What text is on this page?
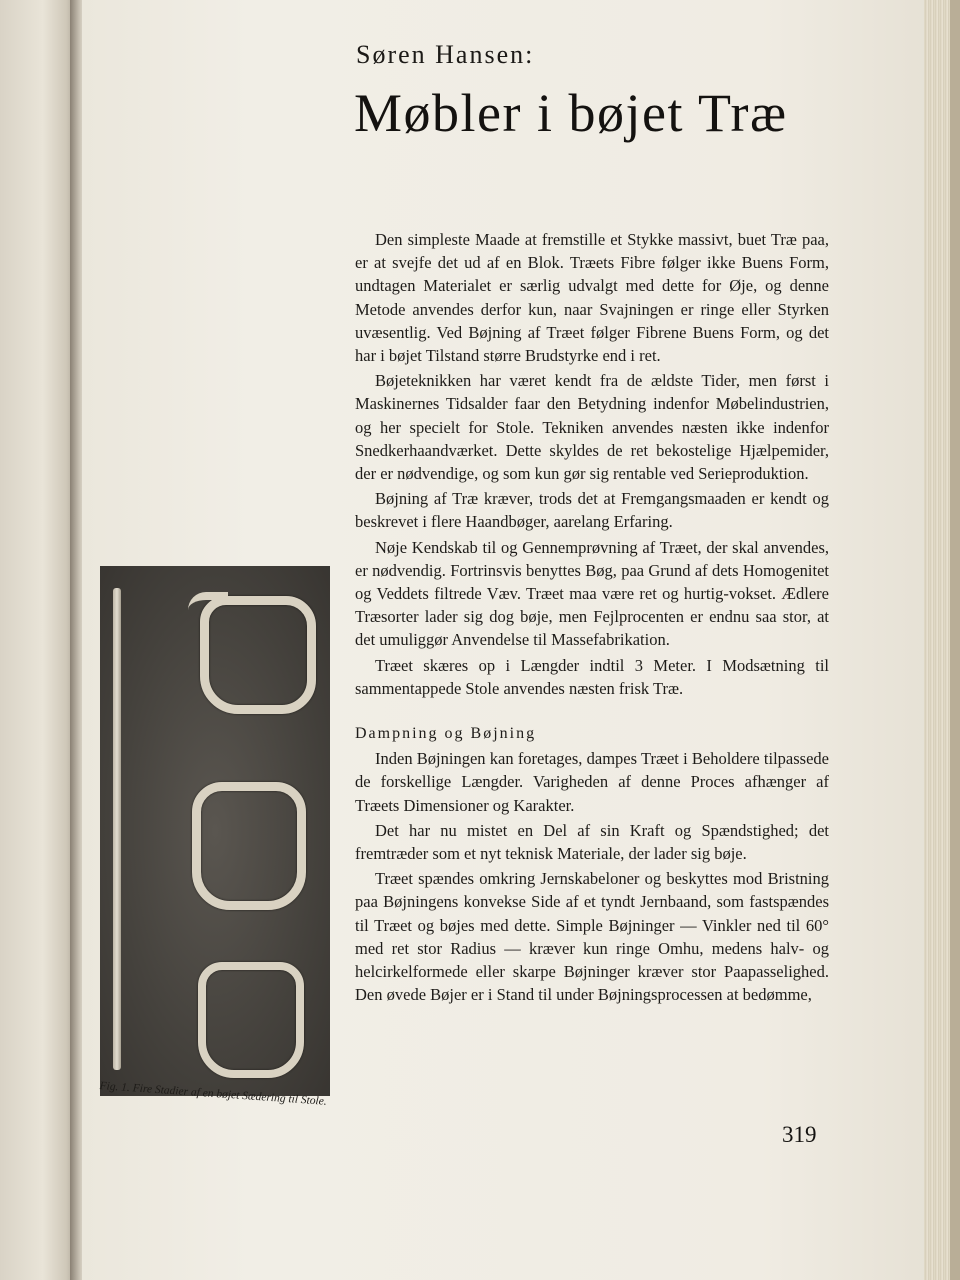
Søren Hansen:
Møbler i bøjet Træ

Den simpleste Maade at fremstille et Stykke massivt, buet Træ paa, er at svejfe det ud af en Blok. Træets Fibre følger ikke Buens Form, undtagen Materialet er særlig udvalgt med dette for Øje, og denne Metode anvendes derfor kun, naar Svajningen er ringe eller Styrken uvæsentlig. Ved Bøjning af Træet følger Fibrene Buens Form, og det har i bøjet Tilstand større Brudstyrke end i ret.

Bøjeteknikken har været kendt fra de ældste Tider, men først i Maskinernes Tidsalder faar den Betydning indenfor Møbelindustrien, og her specielt for Stole. Tekniken anvendes næsten ikke indenfor Snedkerhaandværket. Dette skyldes de ret bekostelige Hjælpemider, der er nødvendige, og som kun gør sig rentable ved Serieproduktion.

Bøjning af Træ kræver, trods det at Fremgangsmaaden er kendt og beskrevet i flere Haandbøger, aarelang Erfaring.

Nøje Kendskab til og Gennemprøvning af Træet, der skal anvendes, er nødvendig. Fortrinsvis benyttes Bøg, paa Grund af dets Homogenitet og Veddets filtrede Væv. Træet maa være ret og hurtig-vokset. Ædlere Træsorter lader sig dog bøje, men Fejlprocenten er endnu saa stor, at det umuliggør Anvendelse til Massefabrikation.

Træet skæres op i Længder indtil 3 Meter. I Modsætning til sammentappede Stole anvendes næsten frisk Træ.

Dampning og Bøjning

Inden Bøjningen kan foretages, dampes Træet i Beholdere tilpassede de forskellige Længder. Varigheden af denne Proces afhænger af Træets Dimensioner og Karakter.

Det har nu mistet en Del af sin Kraft og Spændstighed; det fremtræder som et nyt teknisk Materiale, der lader sig bøje.

Træet spændes omkring Jernskabeloner og beskyttes mod Bristning paa Bøjningens konvekse Side af et tyndt Jernbaand, som fastspændes til Træet og bøjes med dette. Simple Bøjninger — Vinkler ned til 60° med ret stor Radius — kræver kun ringe Omhu, medens halv- og helcirkelformede eller skarpe Bøjninger kræver stor Paapasselighed. Den øvede Bøjer er i Stand til under Bøjningsprocessen at bedømme,

Fig. 1. Fire Stadier af en bøjet Sædering til Stole.
319
